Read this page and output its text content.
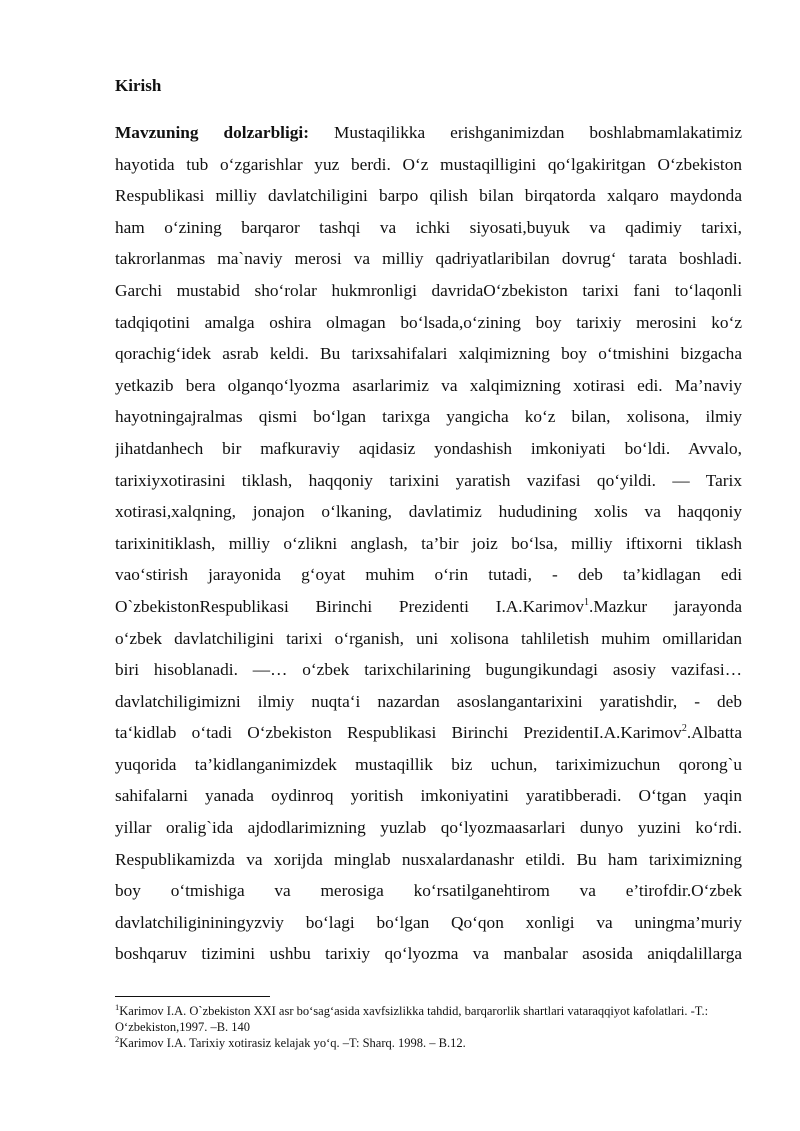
Kirish
Mavzuning dolzarbligi: Mustaqilikka erishganimizdan boshlabmamlakatimiz
hayotida tub o‘zgarishlar yuz berdi. O‘z mustaqilligini qo‘lgakiritgan O‘zbekiston
Respublikasi milliy davlatchiligini barpo qilish bilan birqatorda xalqaro maydonda
ham o‘zining barqaror tashqi va ichki siyosati,buyuk va qadimiy tarixi,
takrorlanmas ma`naviy merosi va milliy qadriyatlaribilan dovrug‘ tarata boshladi.
Garchi mustabid sho‘rolar hukmronligi davridaO‘zbekiston tarixi fani to‘laqonli
tadqiqotini amalga oshira olmagan bo‘lsada,o‘zining boy tarixiy merosini ko‘z
qorachig‘idek asrab keldi. Bu tarixsahifalari xalqimizning boy o‘tmishini bizgacha
yetkazib bera olganqo‘lyozma asarlarimiz va xalqimizning xotirasi edi. Ma’naviy
hayotningajralmas qismi bo‘lgan tarixga yangicha ko‘z bilan, xolisona, ilmiy
jihatdanhech bir mafkuraviy aqidasiz yondashish imkoniyati bo‘ldi. Avvalo,
tarixiyxotirasini tiklash, haqqoniy tarixini yaratish vazifasi qo‘yildi. — Tarix
xotirasi,xalqning, jonajon o‘lkaning, davlatimiz hududining xolis va haqqoniy
tarixinitiklash, milliy o‘zlikni anglash, ta’bir joiz bo‘lsa, milliy iftixorni tiklash
vao‘stirish jarayonida g‘oyat muhim o‘rin tutadi, - deb ta’kidlagan edi
O`zbekistonRespublikasi Birinchi Prezidenti I.A.Karimov$^1$.Mazkur jarayonda
o‘zbek davlatchiligini tarixi o‘rganish, uni xolisona tahliletish muhim omillaridan
biri hisoblanadi. —… o‘zbek tarixchilarining bugungikundagi asosiy vazifasi…
davlatchiligimizni ilmiy nuqta‘i nazardan asoslangantarixini yaratishdir, - deb
ta‘kidlab o‘tadi O‘zbekiston Respublikasi Birinchi PrezidentiI.A.Karimov$^2$.Albatta
yuqorida ta’kidlanganimizdek mustaqillik biz uchun, tariximizuchun qorong`u
sahifalarni yanada oydinroq yoritish imkoniyatini yaratibberadi. O‘tgan yaqin
yillar oralig`ida ajdodlarimizning yuzlab qo‘lyozmaasarlari dunyo yuzini ko‘rdi.
Respublikamizda va xorijda minglab nusxalardanashr etildi. Bu ham tariximizning
boy o‘tmishiga va merosiga ko‘rsatilganehtirom va e’tirofdir.O‘zbek
davlatchiligininingуzviy bo‘lagi bo‘lgan Qo‘qon xonligi va uningma’muriy
boshqaruv tizimini ushbu tarixiy qo‘lyozma va manbalar asosida aniqdalillarga
$^1$Karimov I.A. O`zbekiston XXI asr bo‘sag‘asida xavfsizlikka tahdid, barqarorlik shartlari vataraqqiyot kafolatlari. -T.: O‘zbekiston,1997. –B. 140
$^2$Karimov I.A. Tarixiy xotirasiz kelajak yo‘q. –T: Sharq. 1998. – B.12.
